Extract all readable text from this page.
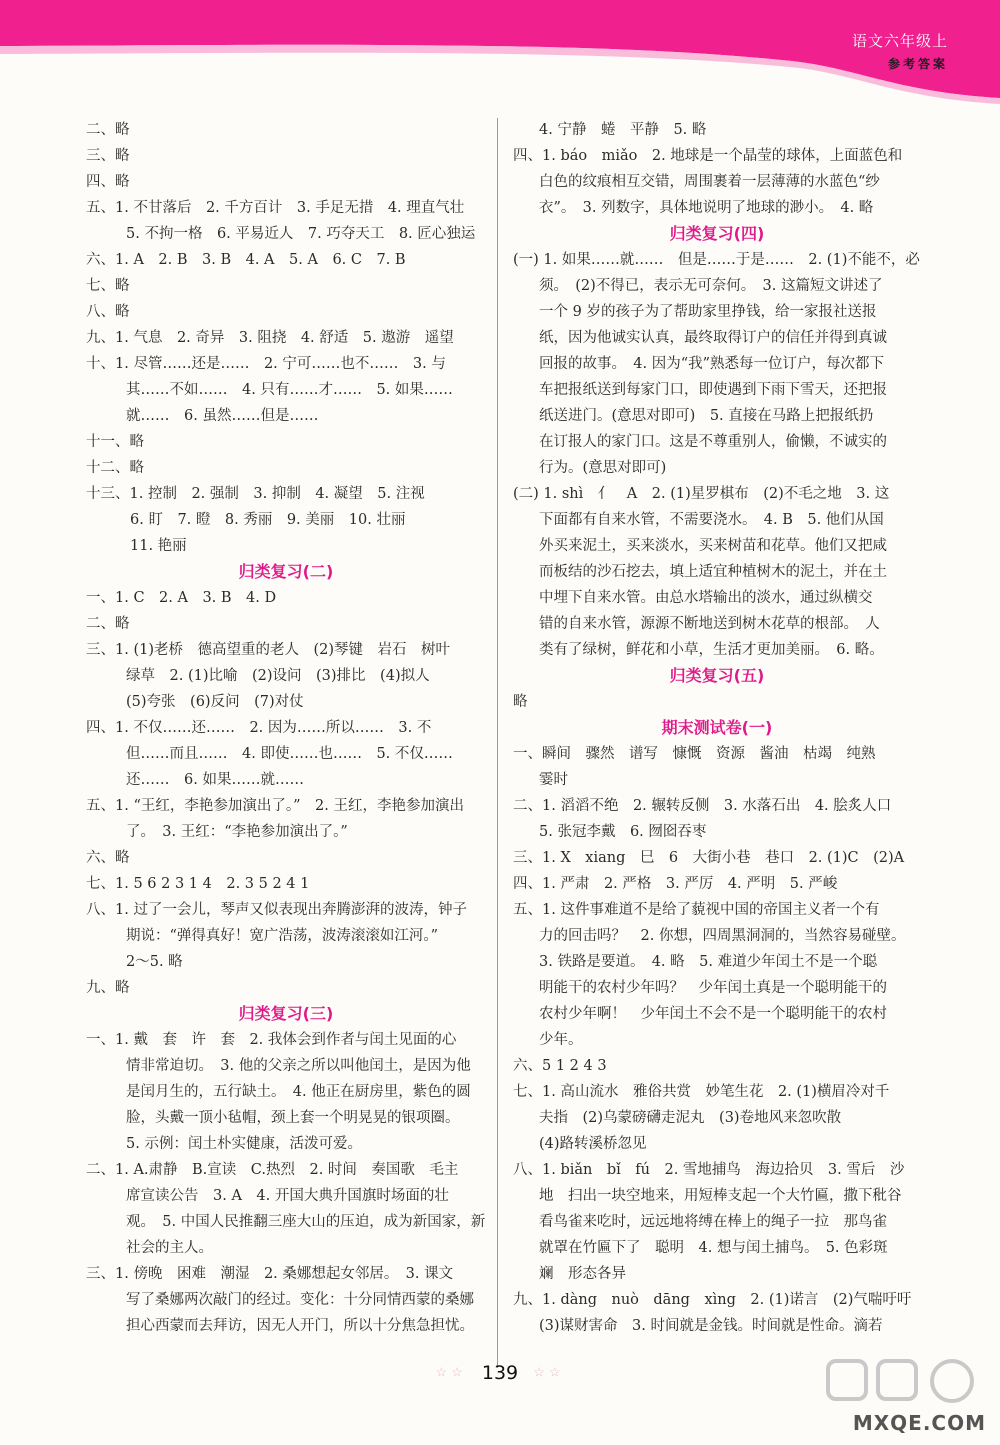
语文六年级上
参考答案
二、略
三、略
四、略
五、1. 不甘落后　2. 千方百计　3. 手足无措　4. 理直气壮
5. 不拘一格　6. 平易近人　7. 巧夺天工　8. 匠心独运
六、1. A　2. B　3. B　4. A　5. A　6. C　7. B
七、略
八、略
九、1. 气息　2. 奇异　3. 阻挠　4. 舒适　5. 遨游　遥望
十、1. 尽管……还是……　2. 宁可……也不……　3. 与
其……不如……　4. 只有……才……　5. 如果……
就……　6. 虽然……但是……
十一、略
十二、略
十三、1. 控制　2. 强制　3. 抑制　4. 凝望　5. 注视
6. 盯　7. 瞪　8. 秀丽　9. 美丽　10. 壮丽
11. 艳丽
归类复习(二)
一、1. C　2. A　3. B　4. D
二、略
三、1. (1)老桥　德高望重的老人　(2)琴键　岩石　树叶
绿草　2. (1)比喻　(2)设问　(3)排比　(4)拟人
(5)夸张　(6)反问　(7)对仗
四、1. 不仅……还……　2. 因为……所以……　3. 不
但……而且……　4. 即使……也……　5. 不仅……
还……　6. 如果……就……
五、1. “王红，李艳参加演出了。”　2. 王红，李艳参加演出
了。　3. 王红：“李艳参加演出了。”
六、略
七、1. 5 6 2 3 1 4　2. 3 5 2 4 1
八、1. 过了一会儿，琴声又似表现出奔腾澎湃的波涛，钟子
期说：“弹得真好！宽广浩荡，波涛滚滚如江河。”
2～5. 略
九、略
归类复习(三)
一、1. 戴　套　许　套　2. 我体会到作者与闰土见面的心
情非常迫切。　3. 他的父亲之所以叫他闰土，是因为他
是闰月生的，五行缺土。　4. 他正在厨房里，紫色的圆
脸，头戴一顶小毡帽，颈上套一个明晃晃的银项圈。
5. 示例：闰土朴实健康，活泼可爱。
二、1. A.肃静　B.宣读　C.热烈　2. 时间　奏国歌　毛主
席宣读公告　3. A　4. 开国大典升国旗时场面的壮
观。　5. 中国人民推翻三座大山的压迫，成为新国家，新
社会的主人。
三、1. 傍晚　困难　潮湿　2. 桑娜想起女邻居。　3. 课文
写了桑娜两次敲门的经过。变化：十分同情西蒙的桑娜
担心西蒙而去拜访，因无人开门，所以十分焦急担忧。
4. 宁静　蜷　平静　5. 略
四、1. báo　miǎo　2. 地球是一个晶莹的球体，上面蓝色和
白色的纹痕相互交错，周围裹着一层薄薄的水蓝色“纱
衣”。　3. 列数字，具体地说明了地球的渺小。　4. 略
归类复习(四)
(一) 1. 如果……就……　但是……于是……　2. (1)不能不，必
须。　(2)不得已，表示无可奈何。　3. 这篇短文讲述了
一个 9 岁的孩子为了帮助家里挣钱，给一家报社送报
纸，因为他诚实认真，最终取得订户的信任并得到真诚
回报的故事。　4. 因为“我”熟悉每一位订户，每次都下
车把报纸送到每家门口，即使遇到下雨下雪天，还把报
纸送进门。(意思对即可)　5. 直接在马路上把报纸扔
在订报人的家门口。这是不尊重别人，偷懒，不诚实的
行为。(意思对即可)
(二) 1. shì　亻　A　2. (1)星罗棋布　(2)不毛之地　3. 这
下面都有自来水管，不需要浇水。　4. B　5. 他们从国
外买来泥土，买来淡水，买来树苗和花草。他们又把咸
而板结的沙石挖去，填上适宜种植树木的泥土，并在土
中埋下自来水管。由总水塔输出的淡水，通过纵横交
错的自来水管，源源不断地送到树木花草的根部。　人
类有了绿树，鲜花和小草，生活才更加美丽。　6. 略。
归类复习(五)
略
期末测试卷(一)
一、瞬间　骤然　谱写　慷慨　资源　酱油　枯竭　纯熟
霎时
二、1. 滔滔不绝　2. 辗转反侧　3. 水落石出　4. 脍炙人口
5. 张冠李戴　6. 囫囵吞枣
三、1. X　xiang　巳　6　大街小巷　巷口　2. (1)C　(2)A
四、1. 严肃　2. 严格　3. 严厉　4. 严明　5. 严峻
五、1. 这件事难道不是给了藐视中国的帝国主义者一个有
力的回击吗？　2. 你想，四周黑洞洞的，当然容易碰壁。
3. 铁路是要道。　4. 略　5. 难道少年闰土不是一个聪
明能干的农村少年吗？　少年闰土真是一个聪明能干的
农村少年啊！　少年闰土不会不是一个聪明能干的农村
少年。
六、5 1 2 4 3
七、1. 高山流水　雅俗共赏　妙笔生花　2. (1)横眉冷对千
夫指　(2)乌蒙磅礴走泥丸　(3)卷地风来忽吹散
(4)路转溪桥忽见
八、1. biǎn　bǐ　fú　2. 雪地捕鸟　海边拾贝　3. 雪后　沙
地　扫出一块空地来，用短棒支起一个大竹匾，撒下秕谷
看鸟雀来吃时，远远地将缚在棒上的绳子一拉　那鸟雀
就罩在竹匾下了　聪明　4. 想与闰土捕鸟。　5. 色彩斑
斓　形态各异
九、1. dàng　nuò　dāng　xìng　2. (1)诺言　(2)气喘吁吁
(3)谋财害命　3. 时间就是金钱。时间就是性命。滴若
☆☆ 139 ☆☆
MXQE.COM
